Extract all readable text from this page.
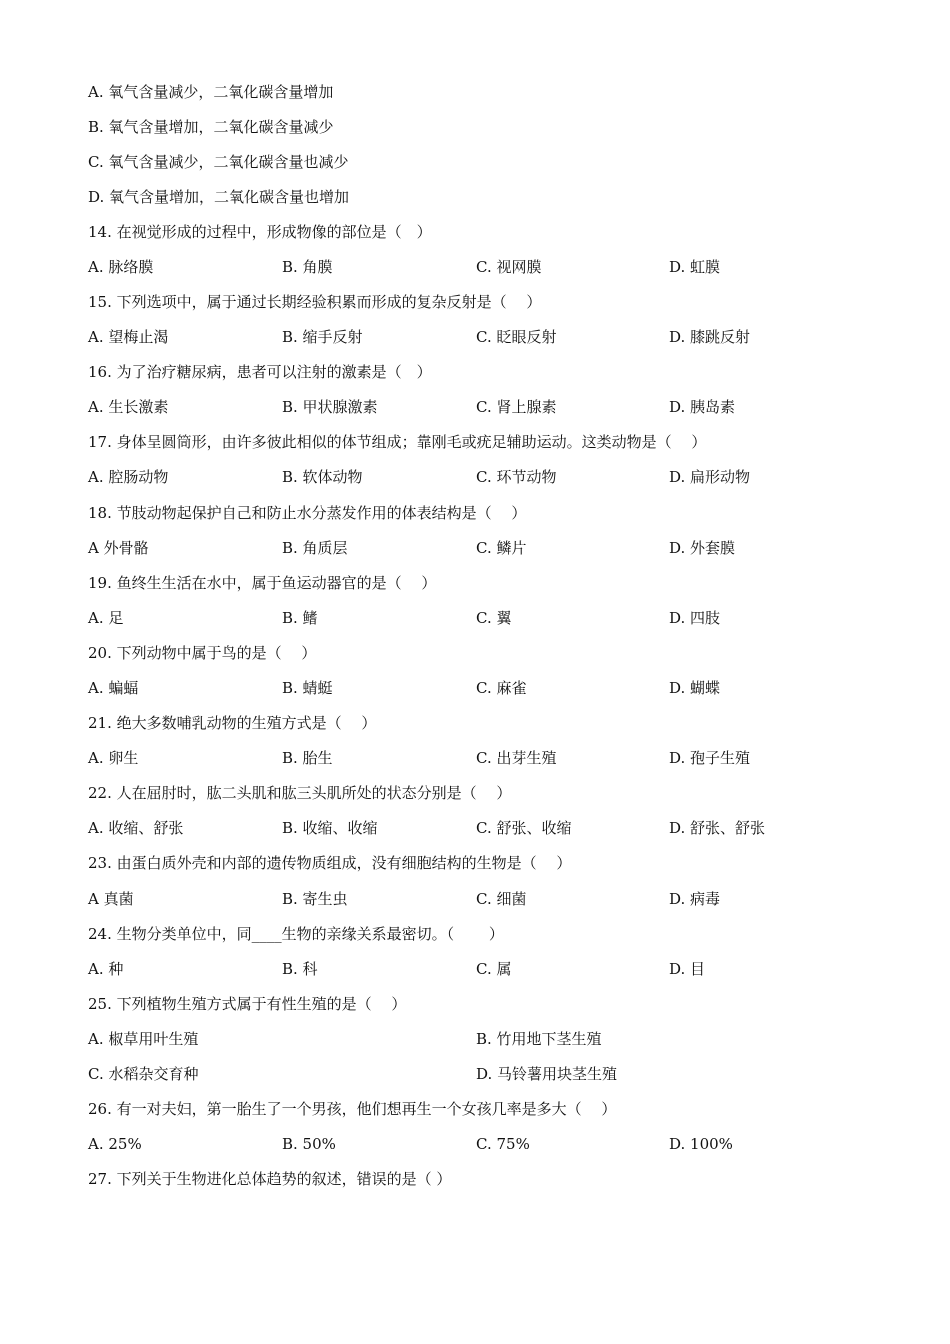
A. 氧气含量减少，二氧化碳含量增加
B. 氧气含量增加，二氧化碳含量减少
C. 氧气含量减少，二氧化碳含量也减少
D. 氧气含量增加，二氧化碳含量也增加
14. 在视觉形成的过程中，形成物像的部位是（　）
A. 脉络膜	B. 角膜	C. 视网膜	D. 虹膜
15. 下列选项中，属于通过长期经验积累而形成的复杂反射是（　 ）
A. 望梅止渴	B. 缩手反射	C. 眨眼反射	D. 膝跳反射
16. 为了治疗糖尿病，患者可以注射的激素是（　）
A. 生长激素	B. 甲状腺激素	C. 肾上腺素	D. 胰岛素
17. 身体呈圆筒形，由许多彼此相似的体节组成；靠刚毛或疣足辅助运动。这类动物是（　 ）
A. 腔肠动物	B. 软体动物	C. 环节动物	D. 扁形动物
18. 节肢动物起保护自己和防止水分蒸发作用的体表结构是（　 ）
A 外骨骼	B. 角质层	C. 鳞片	D. 外套膜
19. 鱼终生生活在水中，属于鱼运动器官的是（　 ）
A. 足	B. 鳍	C. 翼	D. 四肢
20. 下列动物中属于鸟的是（　 ）
A. 蝙蝠	B. 蜻蜓	C. 麻雀	D. 蝴蝶
21. 绝大多数哺乳动物的生殖方式是（　 ）
A. 卵生	B. 胎生	C. 出芽生殖	D. 孢子生殖
22. 人在屈肘时，肱二头肌和肱三头肌所处的状态分别是（　 ）
A. 收缩、舒张	B. 收缩、收缩	C. 舒张、收缩	D. 舒张、舒张
23. 由蛋白质外壳和内部的遗传物质组成，没有细胞结构的生物是（　 ）
A 真菌	B. 寄生虫	C. 细菌	D. 病毒
24. 生物分类单位中，同____生物的亲缘关系最密切。（　　 ）
A. 种	B. 科	C. 属	D. 目
25. 下列植物生殖方式属于有性生殖的是（　 ）
A. 椒草用叶生殖	B. 竹用地下茎生殖
C. 水稻杂交育种	D. 马铃薯用块茎生殖
26. 有一对夫妇，第一胎生了一个男孩，他们想再生一个女孩几率是多大（　 ）
A. 25%	B. 50%	C. 75%	D. 100%
27. 下列关于生物进化总体趋势的叙述，错误的是（ ）
